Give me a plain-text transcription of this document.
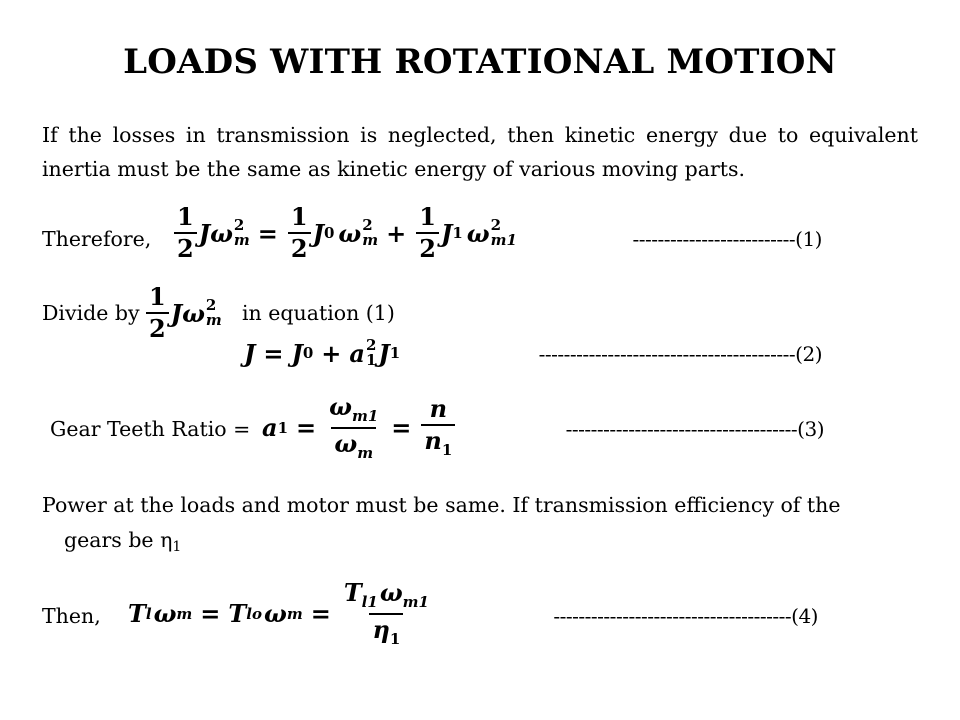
LOADS WITH ROTATIONAL MOTION
If the losses in transmission is neglected, then kinetic energy due to equivalent inertia must be the same as kinetic energy of various moving parts.
Therefore, $\frac{1}{2}$ J ω 2
$m = \frac{1}{2}$ J 0 ω 2
$m + \frac{1}{2}$ J 1 ω 2
m1	--------------------------(1)
Divide by $\frac{1}{2}$ J ω 2
m in equation (1)
J = J 0 + a 2
1 J 1	-----------------------------------------(2)
Gear Teeth Ratio = a $1 = \frac{\omega_{m1}}{\omega_m} = \frac{n}{n_1}$	-------------------------------------(3)
Power at the loads and motor must be same. If transmission efficiency of the
gears be η1
Then, T l ω m = T lo ω $m = \frac{T_{l1}\omega_{m1}}{\eta_1}$	--------------------------------------(4)
